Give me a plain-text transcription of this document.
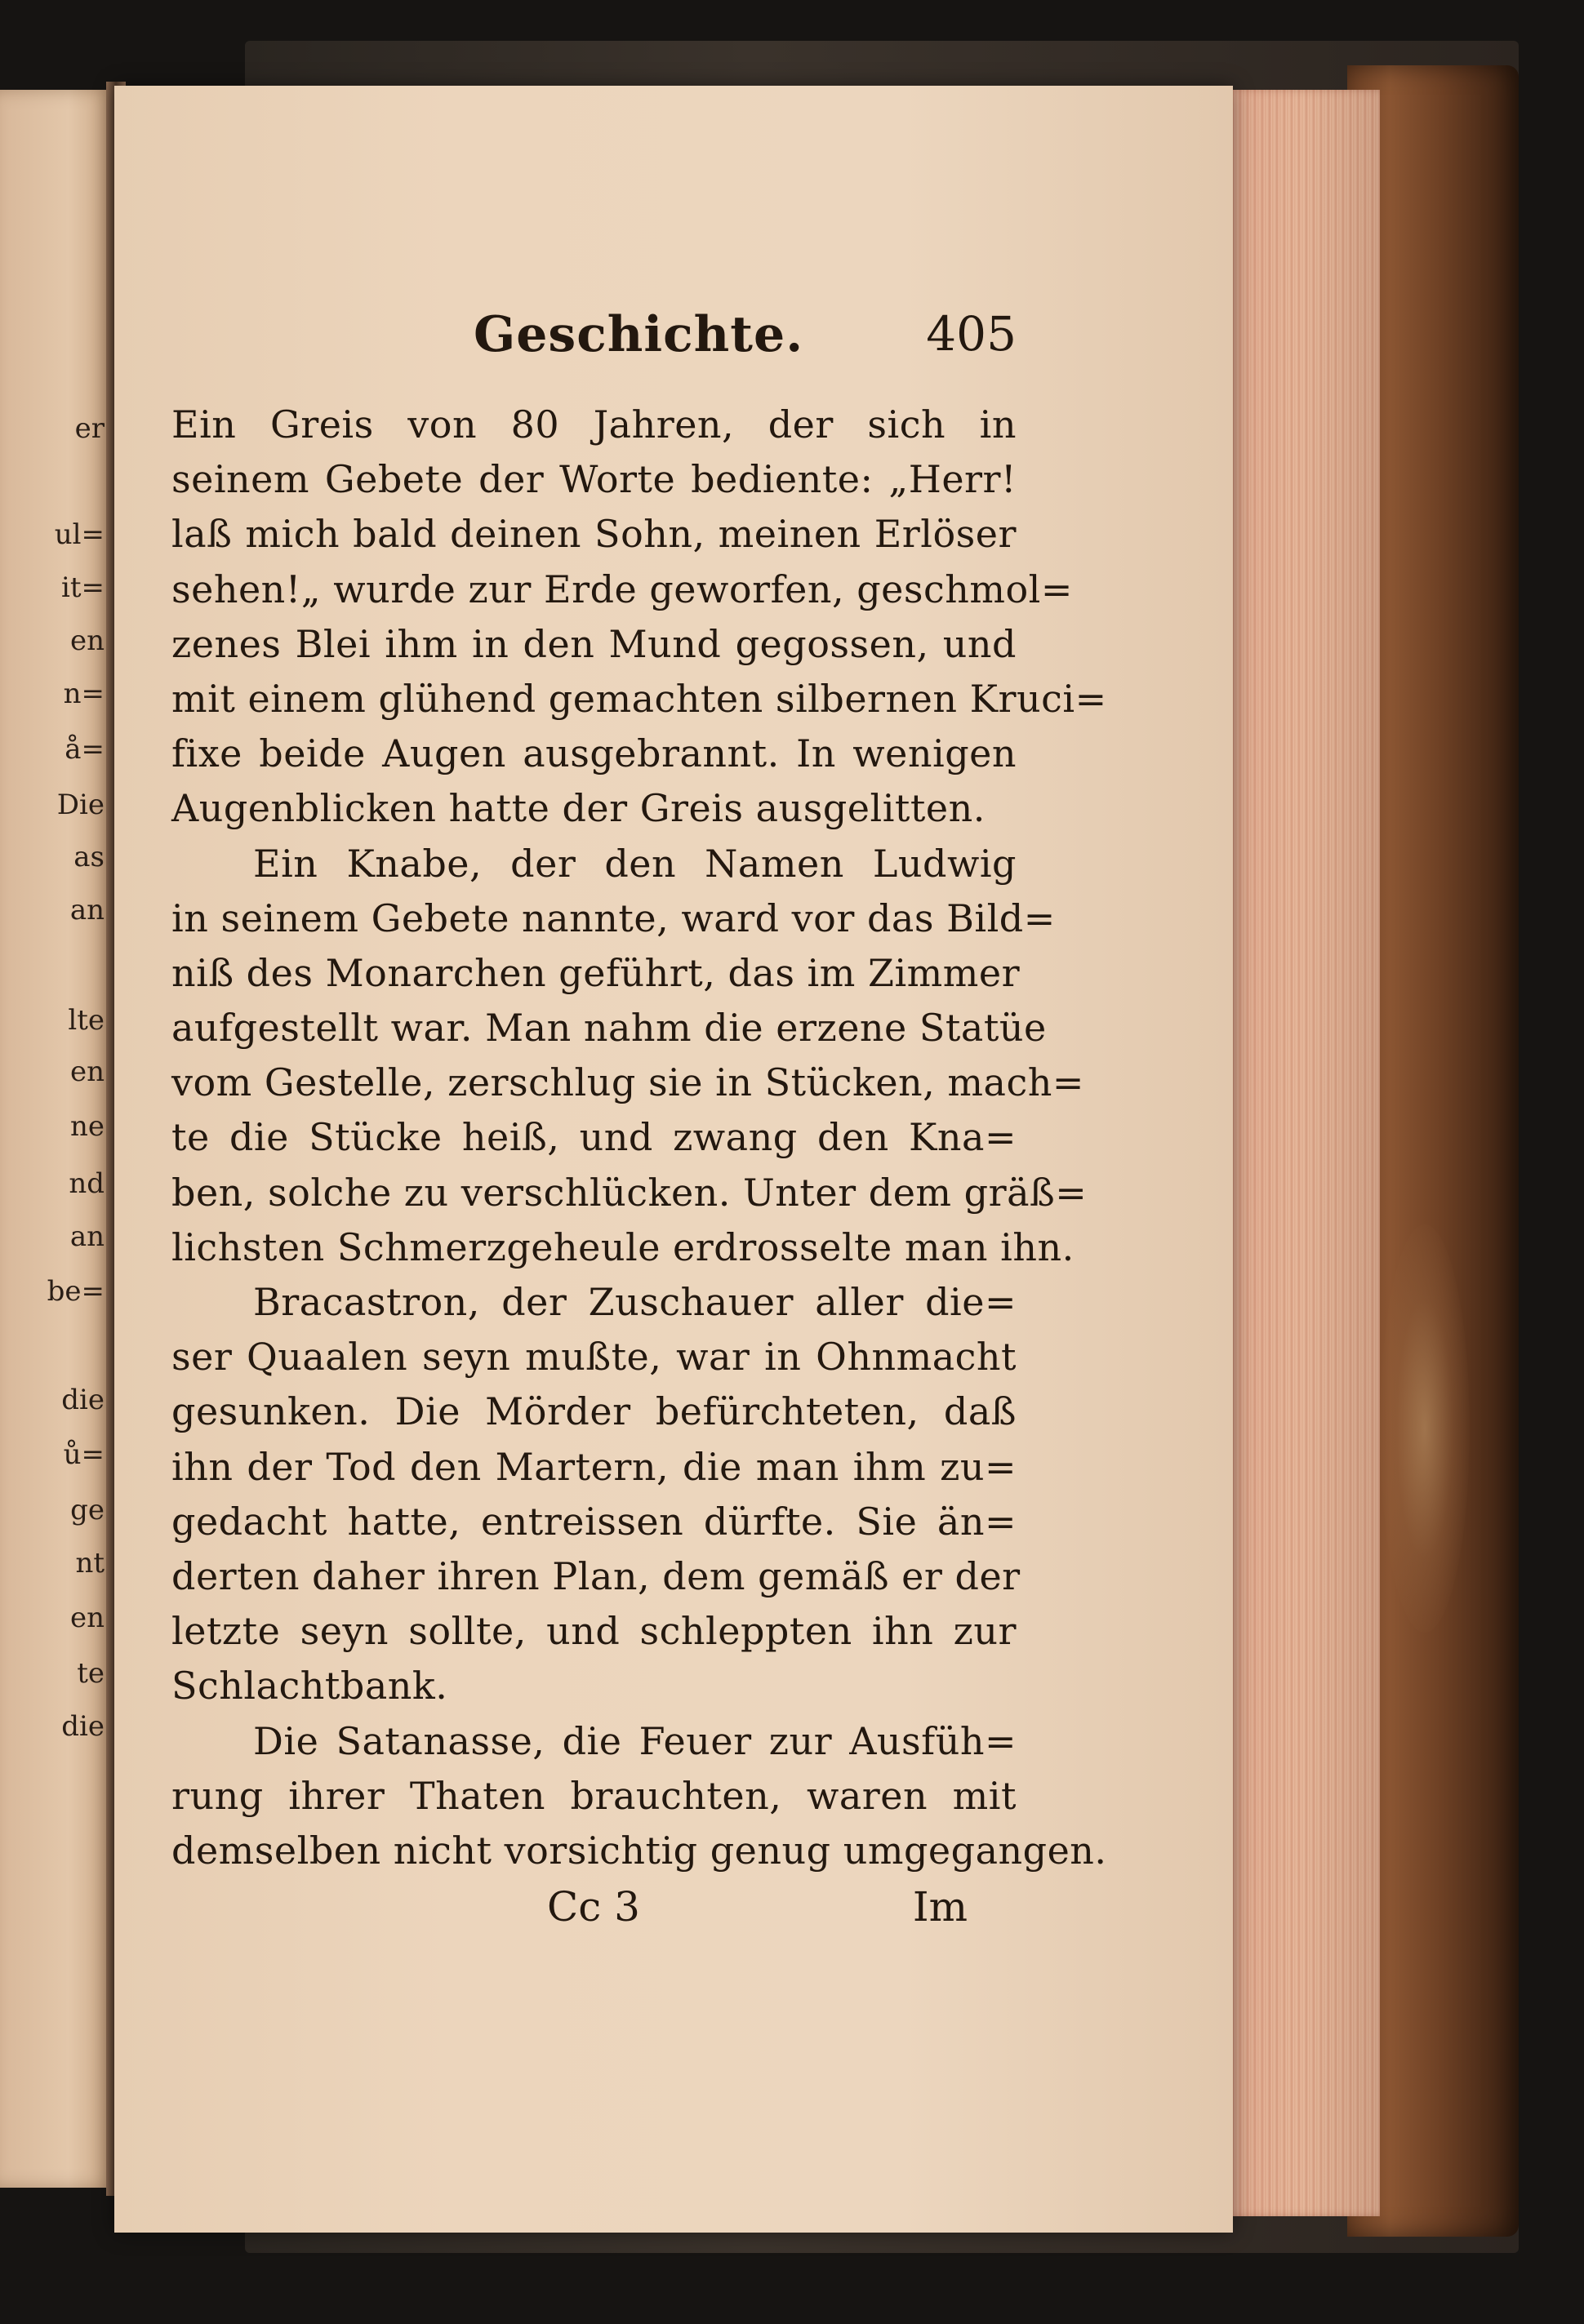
er
ul=
it=
en
n=
å=
Die
as
an
lte
en
ne
nd
an
be=
die
ů=
ge
nt
en
te
die
Geschichte.	405
Ein Greis von 80 Jahren, der sich in
seinem Gebete der Worte bediente: „Herr!
laß mich bald deinen Sohn, meinen Erlöser
sehen!„ wurde zur Erde geworfen, geschmol=
zenes Blei ihm in den Mund gegossen, und
mit einem glühend gemachten silbernen Kruci=
fixe beide Augen ausgebrannt. In wenigen
Augenblicken hatte der Greis ausgelitten.
Ein Knabe, der den Namen Ludwig
in seinem Gebete nannte, ward vor das Bild=
niß des Monarchen geführt, das im Zimmer
aufgestellt war. Man nahm die erzene Statüe
vom Gestelle, zerschlug sie in Stücken, mach=
te die Stücke heiß, und zwang den Kna=
ben, solche zu verschlücken. Unter dem gräß=
lichsten Schmerzgeheule erdrosselte man ihn.
Bracastron, der Zuschauer aller die=
ser Quaalen seyn mußte, war in Ohnmacht
gesunken. Die Mörder befürchteten, daß
ihn der Tod den Martern, die man ihm zu=
gedacht hatte, entreissen dürfte. Sie än=
derten daher ihren Plan, dem gemäß er der
letzte seyn sollte, und schleppten ihn zur
Schlachtbank.
Die Satanasse, die Feuer zur Ausfüh=
rung ihrer Thaten brauchten, waren mit
demselben nicht vorsichtig genug umgegangen.
Cc 3	Im
